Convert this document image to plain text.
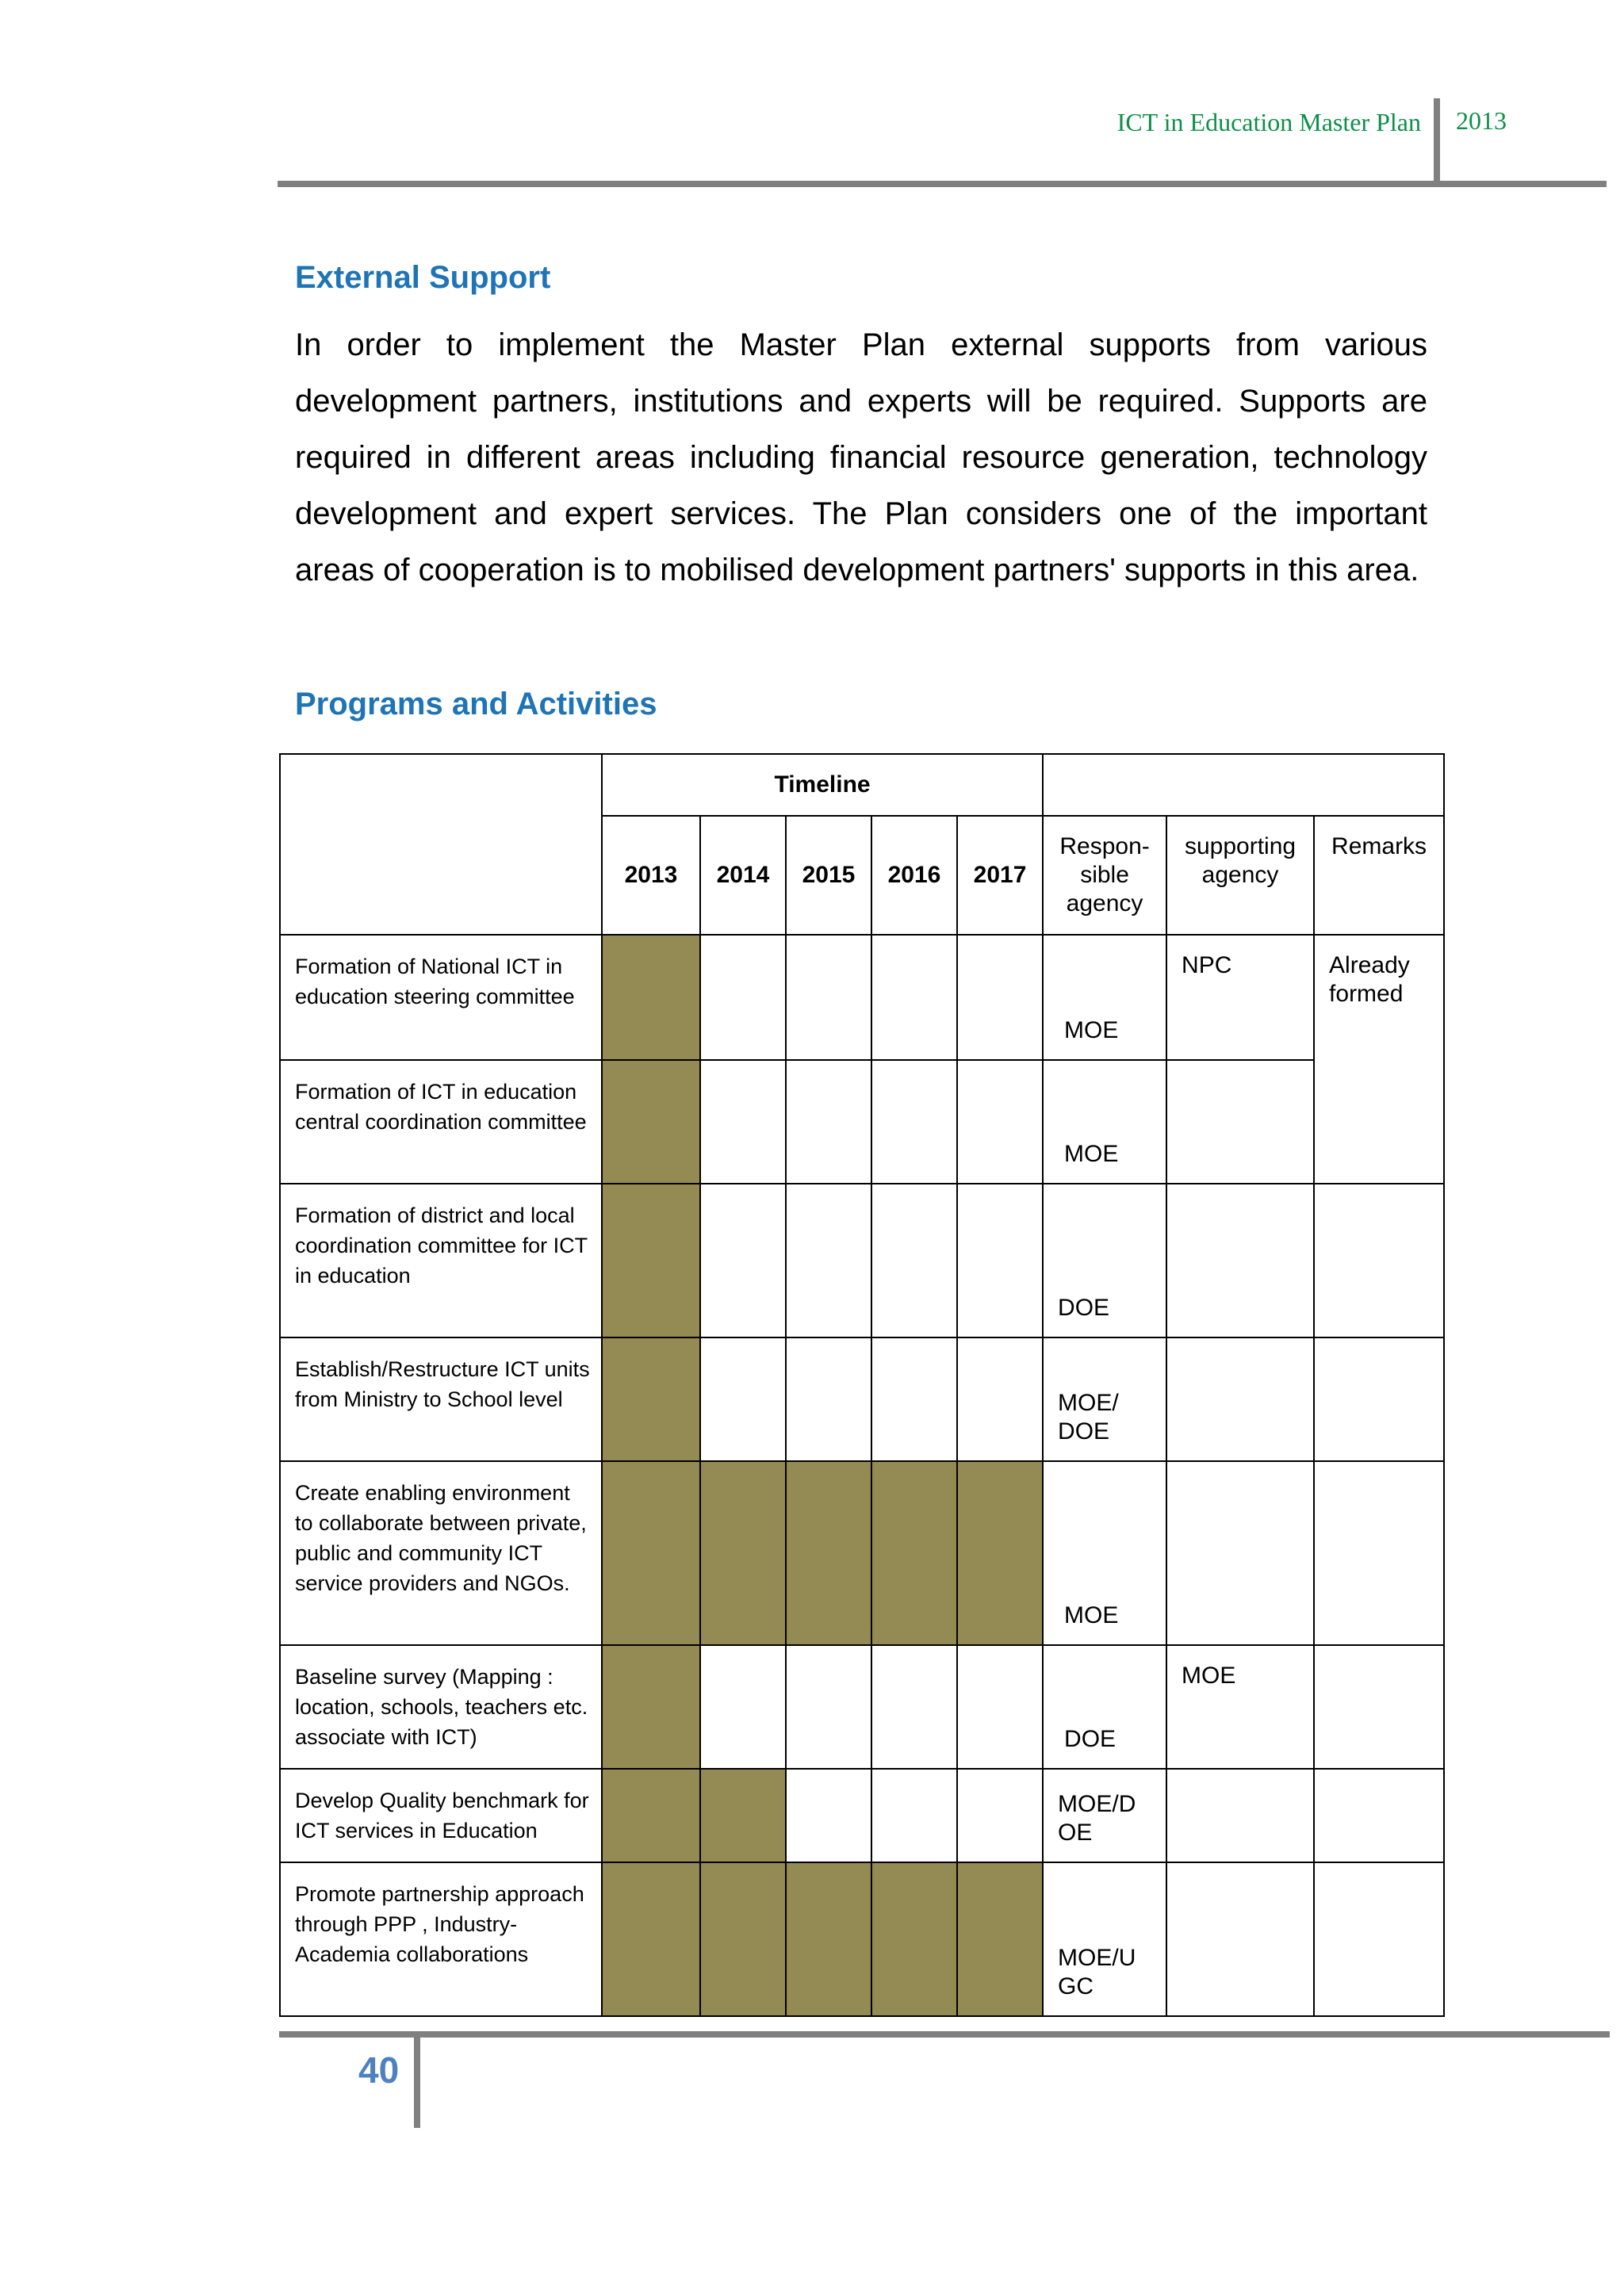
ICT in Education Master Plan 2013
External Support

In order to implement the Master Plan external supports from various development partners, institutions and experts will be required. Supports are required in different areas including financial resource generation, technology development and expert services. The Plan considers one of the important areas of cooperation is to mobilised development partners' supports in this area.

Programs and Activities
	Timeline							
	2013	2014	2015	2016	2017	Respon-
sible
agency	supporting
agency	Remarks
Formation of National ICT in education steering committee						MOE	NPC	Already formed
Formation of ICT in education central coordination committee						MOE		
Formation of district and local coordination committee for ICT in education						DOE		
Establish/Restructure ICT units from Ministry to School level						MOE/
DOE		
Create enabling environment to collaborate between private, public and community ICT service providers and NGOs.						MOE		
Baseline survey (Mapping : location, schools, teachers etc. associate with ICT)						DOE	MOE	
Develop Quality benchmark for ICT services in Education						MOE/D
OE		
Promote partnership approach through PPP , Industry- Academia collaborations						MOE/U
GC		
40
